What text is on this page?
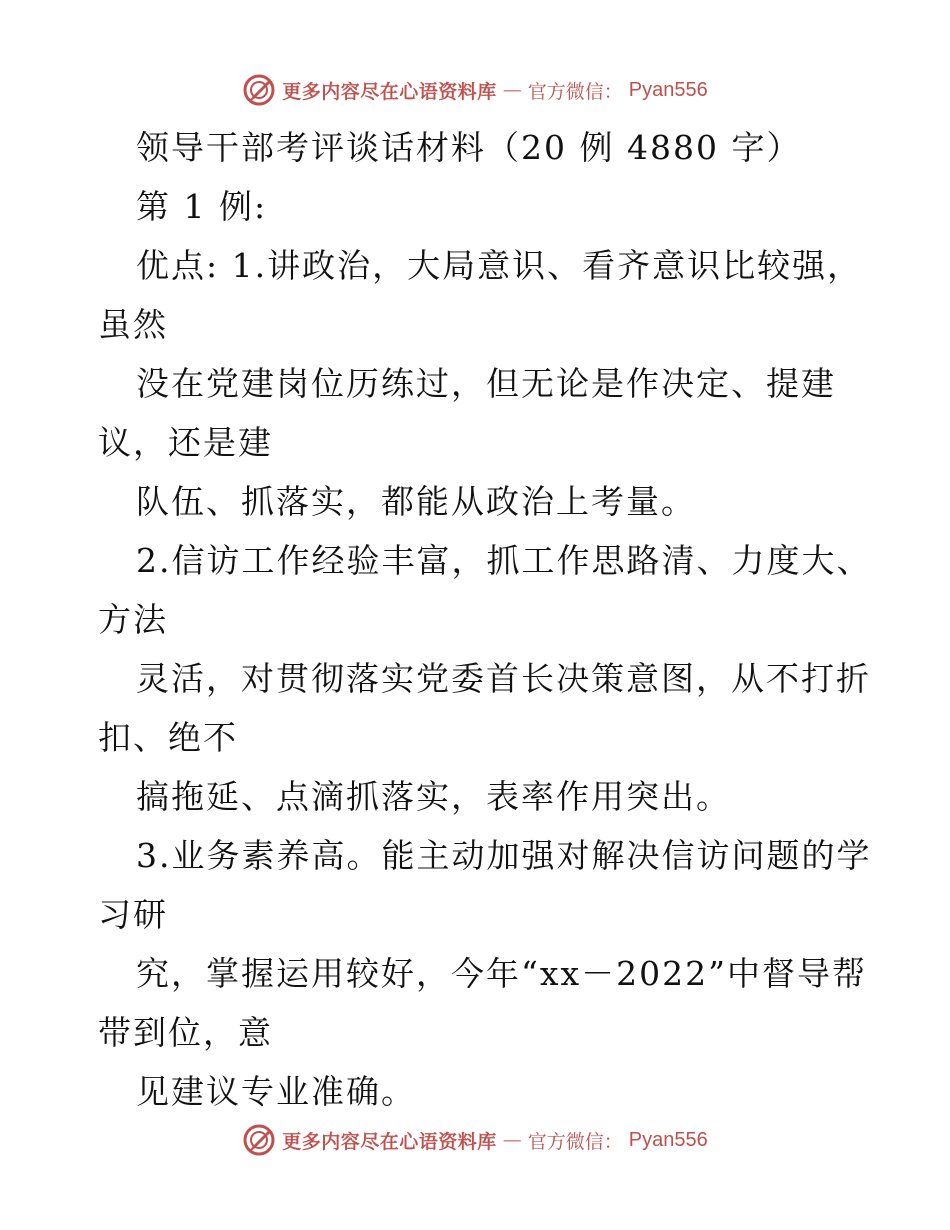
更多内容尽在心语资料库 — 官方微信： Pyan556
领导干部考评谈话材料（20 例 4880 字）
第 1 例:
优点: 1.讲政治，大局意识、看齐意识比较强，
虽然
没在党建岗位历练过，但无论是作决定、提建
议，还是建
队伍、抓落实，都能从政治上考量。
2.信访工作经验丰富，抓工作思路清、力度大、
方法
灵活，对贯彻落实党委首长决策意图，从不打折
扣、绝不
搞拖延、点滴抓落实，表率作用突出。
3.业务素养高。能主动加强对解决信访问题的学
习研
究，掌握运用较好，今年“xx－2022”中督导帮
带到位，意
见建议专业准确。
更多内容尽在心语资料库 — 官方微信： Pyan556
